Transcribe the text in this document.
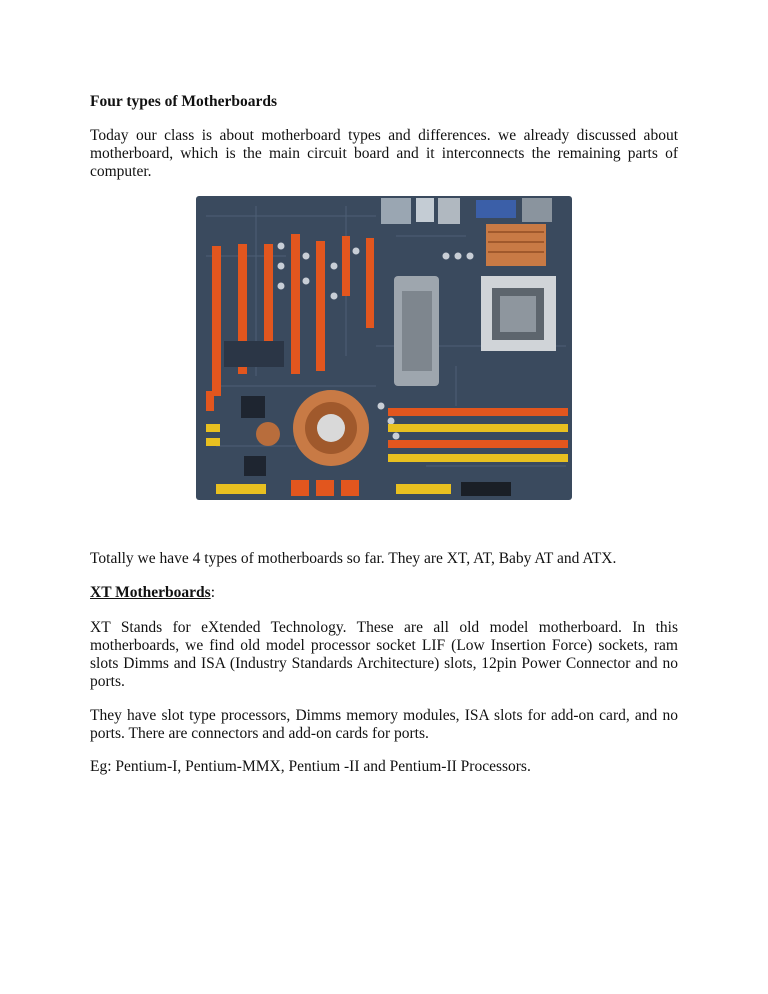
Four types of Motherboards

Today our class is about motherboard types and differences. we already discussed about motherboard, which is the main circuit board and it interconnects the remaining parts of computer.

Totally we have 4 types of motherboards so far. They are XT, AT, Baby AT and ATX.

XT Motherboards:

XT Stands for eXtended Technology. These are all old model motherboard. In this motherboards, we find old model processor socket LIF (Low Insertion Force) sockets, ram slots Dimms and ISA (Industry Standards Architecture) slots, 12pin Power Connector and no ports.

They have slot type processors, Dimms memory modules, ISA slots for add-on card, and no ports. There are connectors and add-on cards for ports.

Eg: Pentium-I, Pentium-MMX, Pentium -II and Pentium-II Processors.
